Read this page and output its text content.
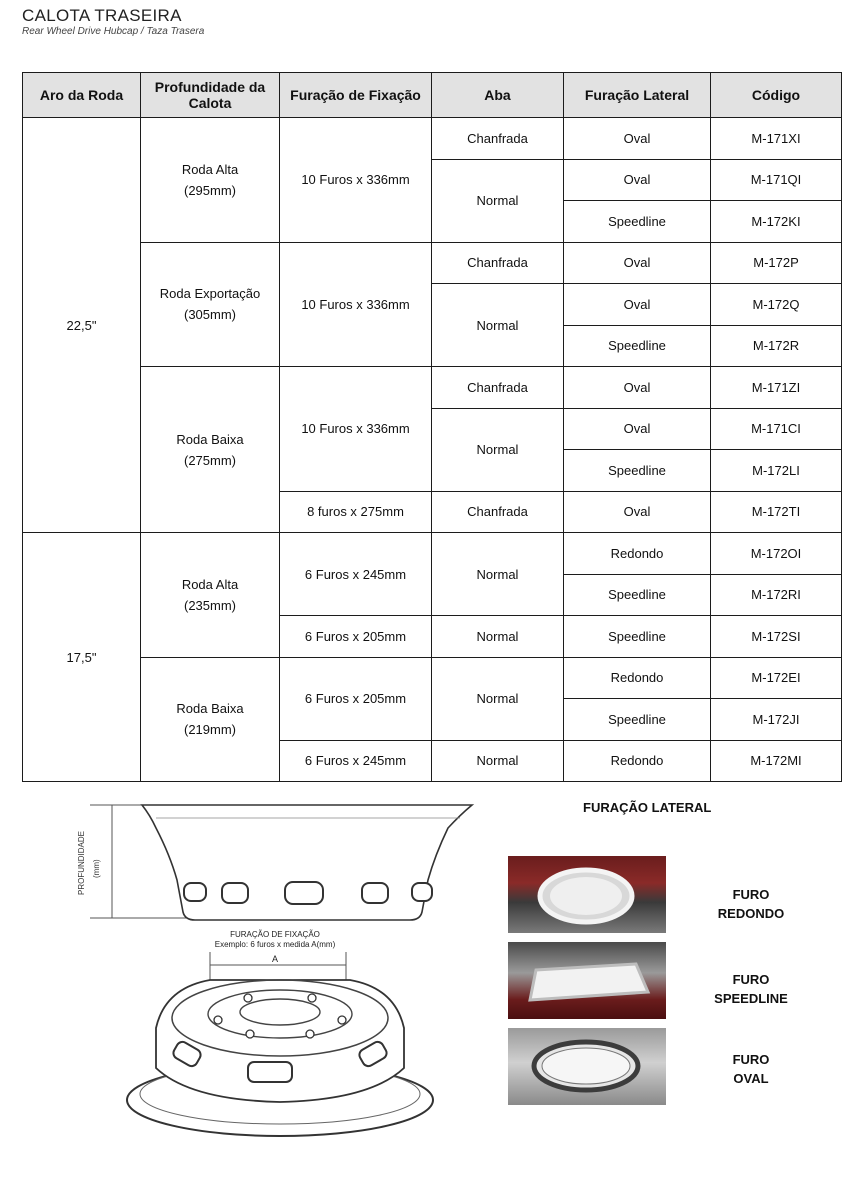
CALOTA TRASEIRA
Rear Wheel Drive Hubcap / Taza Trasera
Aro da Roda	Profundidade da Calota	Furação de Fixação	Aba	Furação Lateral	Código
22,5"	Roda Alta (295mm)	10 Furos x 336mm	Chanfrada	Oval	M-171XI
			Normal	Oval	M-171QI
				Speedline	M-172KI
	Roda Exportação (305mm)	10 Furos x 336mm	Chanfrada	Oval	M-172P
			Normal	Oval	M-172Q
				Speedline	M-172R
	Roda Baixa (275mm)	10 Furos x 336mm	Chanfrada	Oval	M-171ZI
			Normal	Oval	M-171CI
				Speedline	M-172LI
		8 furos x 275mm	Chanfrada	Oval	M-172TI
17,5"	Roda Alta (235mm)	6 Furos x 245mm	Normal	Redondo	M-172OI
				Speedline	M-172RI
		6 Furos x 205mm	Normal	Speedline	M-172SI
	Roda Baixa (219mm)	6 Furos x 205mm	Normal	Redondo	M-172EI
				Speedline	M-172JI
		6 Furos x 245mm	Normal	Redondo	M-172MI
PROFUNDIDADE (mm)
FURAÇÃO DE FIXAÇÃO
Exemplo: 6 furos x medida A(mm)
A
FURAÇÃO LATERAL
FURO
REDONDO
FURO
SPEEDLINE
FURO
OVAL
